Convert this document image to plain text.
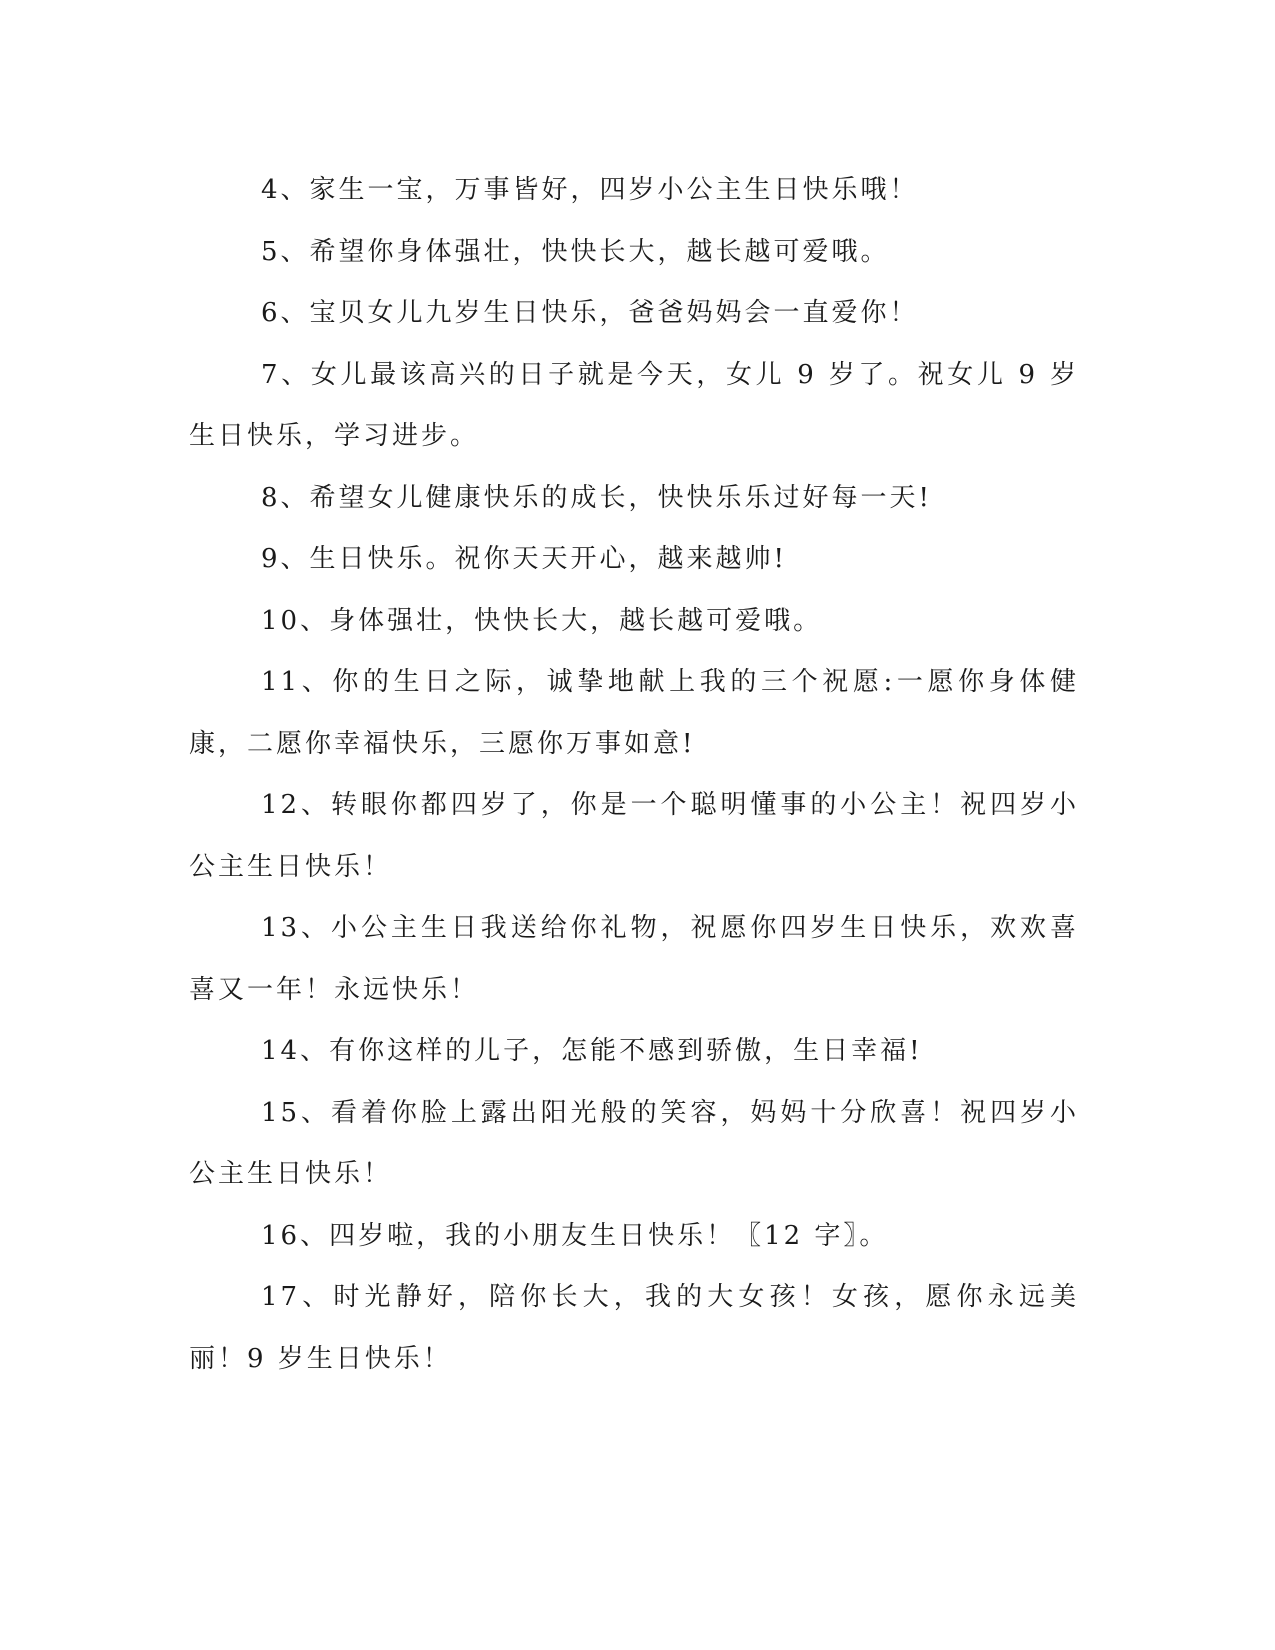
4、家生一宝，万事皆好，四岁小公主生日快乐哦！

5、希望你身体强壮，快快长大，越长越可爱哦。

6、宝贝女儿九岁生日快乐，爸爸妈妈会一直爱你！

7、女儿最该高兴的日子就是今天，女儿 9 岁了。祝女儿 9 岁生日快乐，学习进步。

8、希望女儿健康快乐的成长，快快乐乐过好每一天!

9、生日快乐。祝你天天开心，越来越帅!

10、身体强壮，快快长大，越长越可爱哦。

11、你的生日之际，诚挚地献上我的三个祝愿:一愿你身体健康，二愿你幸福快乐，三愿你万事如意!

12、转眼你都四岁了，你是一个聪明懂事的小公主！祝四岁小公主生日快乐！

13、小公主生日我送给你礼物，祝愿你四岁生日快乐，欢欢喜喜又一年！永远快乐！

14、有你这样的儿子，怎能不感到骄傲，生日幸福!

15、看着你脸上露出阳光般的笑容，妈妈十分欣喜！祝四岁小公主生日快乐！

16、四岁啦，我的小朋友生日快乐！〖12 字〗。

17、时光静好，陪你长大，我的大女孩！女孩，愿你永远美丽！9 岁生日快乐！
